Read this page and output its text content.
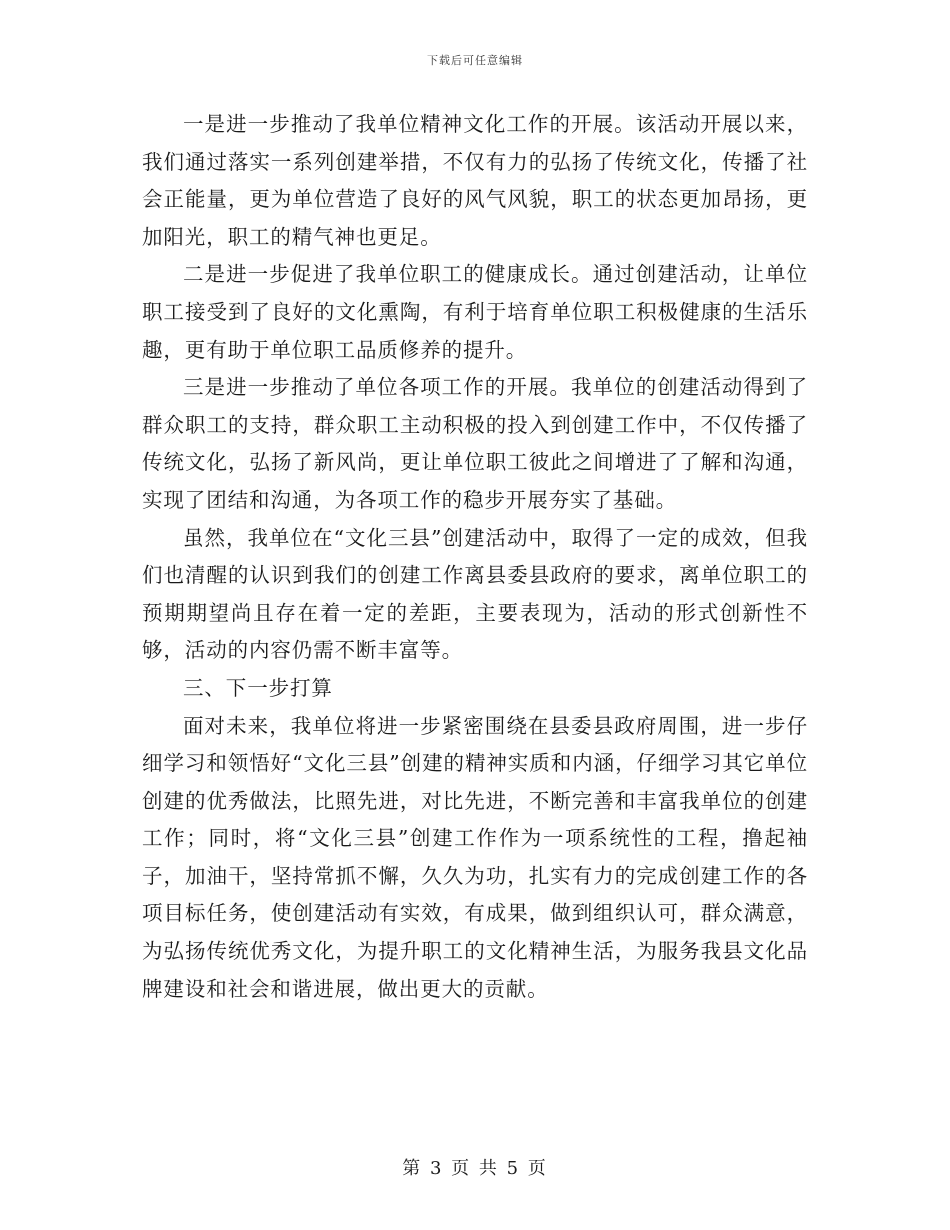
下载后可任意编辑

一是进一步推动了我单位精神文化工作的开展。该活动开展以来，我们通过落实一系列创建举措，不仅有力的弘扬了传统文化，传播了社会正能量，更为单位营造了良好的风气风貌，职工的状态更加昂扬，更加阳光，职工的精气神也更足。

二是进一步促进了我单位职工的健康成长。通过创建活动，让单位职工接受到了良好的文化熏陶，有利于培育单位职工积极健康的生活乐趣，更有助于单位职工品质修养的提升。

三是进一步推动了单位各项工作的开展。我单位的创建活动得到了群众职工的支持，群众职工主动积极的投入到创建工作中，不仅传播了传统文化，弘扬了新风尚，更让单位职工彼此之间增进了了解和沟通，实现了团结和沟通，为各项工作的稳步开展夯实了基础。

虽然，我单位在“文化三县”创建活动中，取得了一定的成效，但我们也清醒的认识到我们的创建工作离县委县政府的要求，离单位职工的预期期望尚且存在着一定的差距，主要表现为，活动的形式创新性不够，活动的内容仍需不断丰富等。

三、下一步打算

面对未来，我单位将进一步紧密围绕在县委县政府周围，进一步仔细学习和领悟好“文化三县”创建的精神实质和内涵，仔细学习其它单位创建的优秀做法，比照先进，对比先进，不断完善和丰富我单位的创建工作；同时，将“文化三县”创建工作作为一项系统性的工程，撸起袖子，加油干，坚持常抓不懈，久久为功，扎实有力的完成创建工作的各项目标任务，使创建活动有实效，有成果，做到组织认可，群众满意，为弘扬传统优秀文化，为提升职工的文化精神生活，为服务我县文化品牌建设和社会和谐进展，做出更大的贡献。

第 3 页 共 5 页
